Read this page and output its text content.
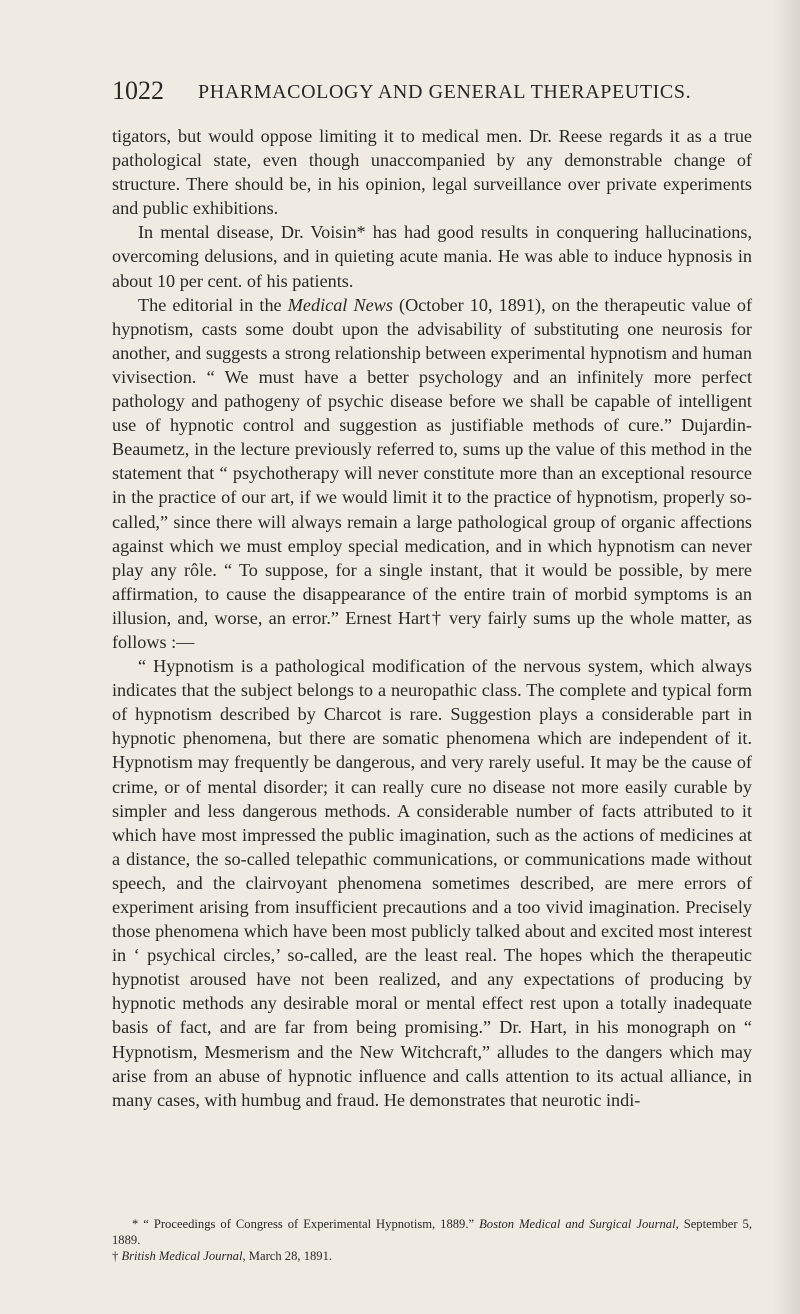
1022 PHARMACOLOGY AND GENERAL THERAPEUTICS.

tigators, but would oppose limiting it to medical men. Dr. Reese regards it as a true pathological state, even though unaccompanied by any demonstrable change of structure. There should be, in his opinion, legal surveillance over private experiments and public exhibitions.

In mental disease, Dr. Voisin* has had good results in conquering hallucinations, overcoming delusions, and in quieting acute mania. He was able to induce hypnosis in about 10 per cent. of his patients.

The editorial in the Medical News (October 10, 1891), on the therapeutic value of hypnotism, casts some doubt upon the advisability of substituting one neurosis for another, and suggests a strong relationship between experimental hypnotism and human vivisection. “ We must have a better psychology and an infinitely more perfect pathology and pathogeny of psychic disease before we shall be capable of intelligent use of hypnotic control and suggestion as justifiable methods of cure.” Dujardin-Beaumetz, in the lecture previously referred to, sums up the value of this method in the statement that “ psychotherapy will never constitute more than an exceptional resource in the practice of our art, if we would limit it to the practice of hypnotism, properly so-called,” since there will always remain a large pathological group of organic affections against which we must employ special medication, and in which hypnotism can never play any rôle. “ To suppose, for a single instant, that it would be possible, by mere affirmation, to cause the disappearance of the entire train of morbid symptoms is an illusion, and, worse, an error.” Ernest Hart† very fairly sums up the whole matter, as follows :—

“ Hypnotism is a pathological modification of the nervous system, which always indicates that the subject belongs to a neuropathic class. The complete and typical form of hypnotism described by Charcot is rare. Suggestion plays a considerable part in hypnotic phenomena, but there are somatic phenomena which are independent of it. Hypnotism may frequently be dangerous, and very rarely useful. It may be the cause of crime, or of mental disorder; it can really cure no disease not more easily curable by simpler and less dangerous methods. A considerable number of facts attributed to it which have most impressed the public imagination, such as the actions of medicines at a distance, the so-called telepathic communications, or communications made without speech, and the clairvoyant phenomena sometimes described, are mere errors of experiment arising from insufficient precautions and a too vivid imagination. Precisely those phenomena which have been most publicly talked about and excited most interest in ‘ psychical circles,’ so-called, are the least real. The hopes which the therapeutic hypnotist aroused have not been realized, and any expectations of producing by hypnotic methods any desirable moral or mental effect rest upon a totally inadequate basis of fact, and are far from being promising.” Dr. Hart, in his monograph on “ Hypnotism, Mesmerism and the New Witchcraft,” alludes to the dangers which may arise from an abuse of hypnotic influence and calls attention to its actual alliance, in many cases, with humbug and fraud. He demonstrates that neurotic indi-

* “ Proceedings of Congress of Experimental Hypnotism, 1889.” Boston Medical and Surgical Journal, September 5, 1889.

† British Medical Journal, March 28, 1891.
